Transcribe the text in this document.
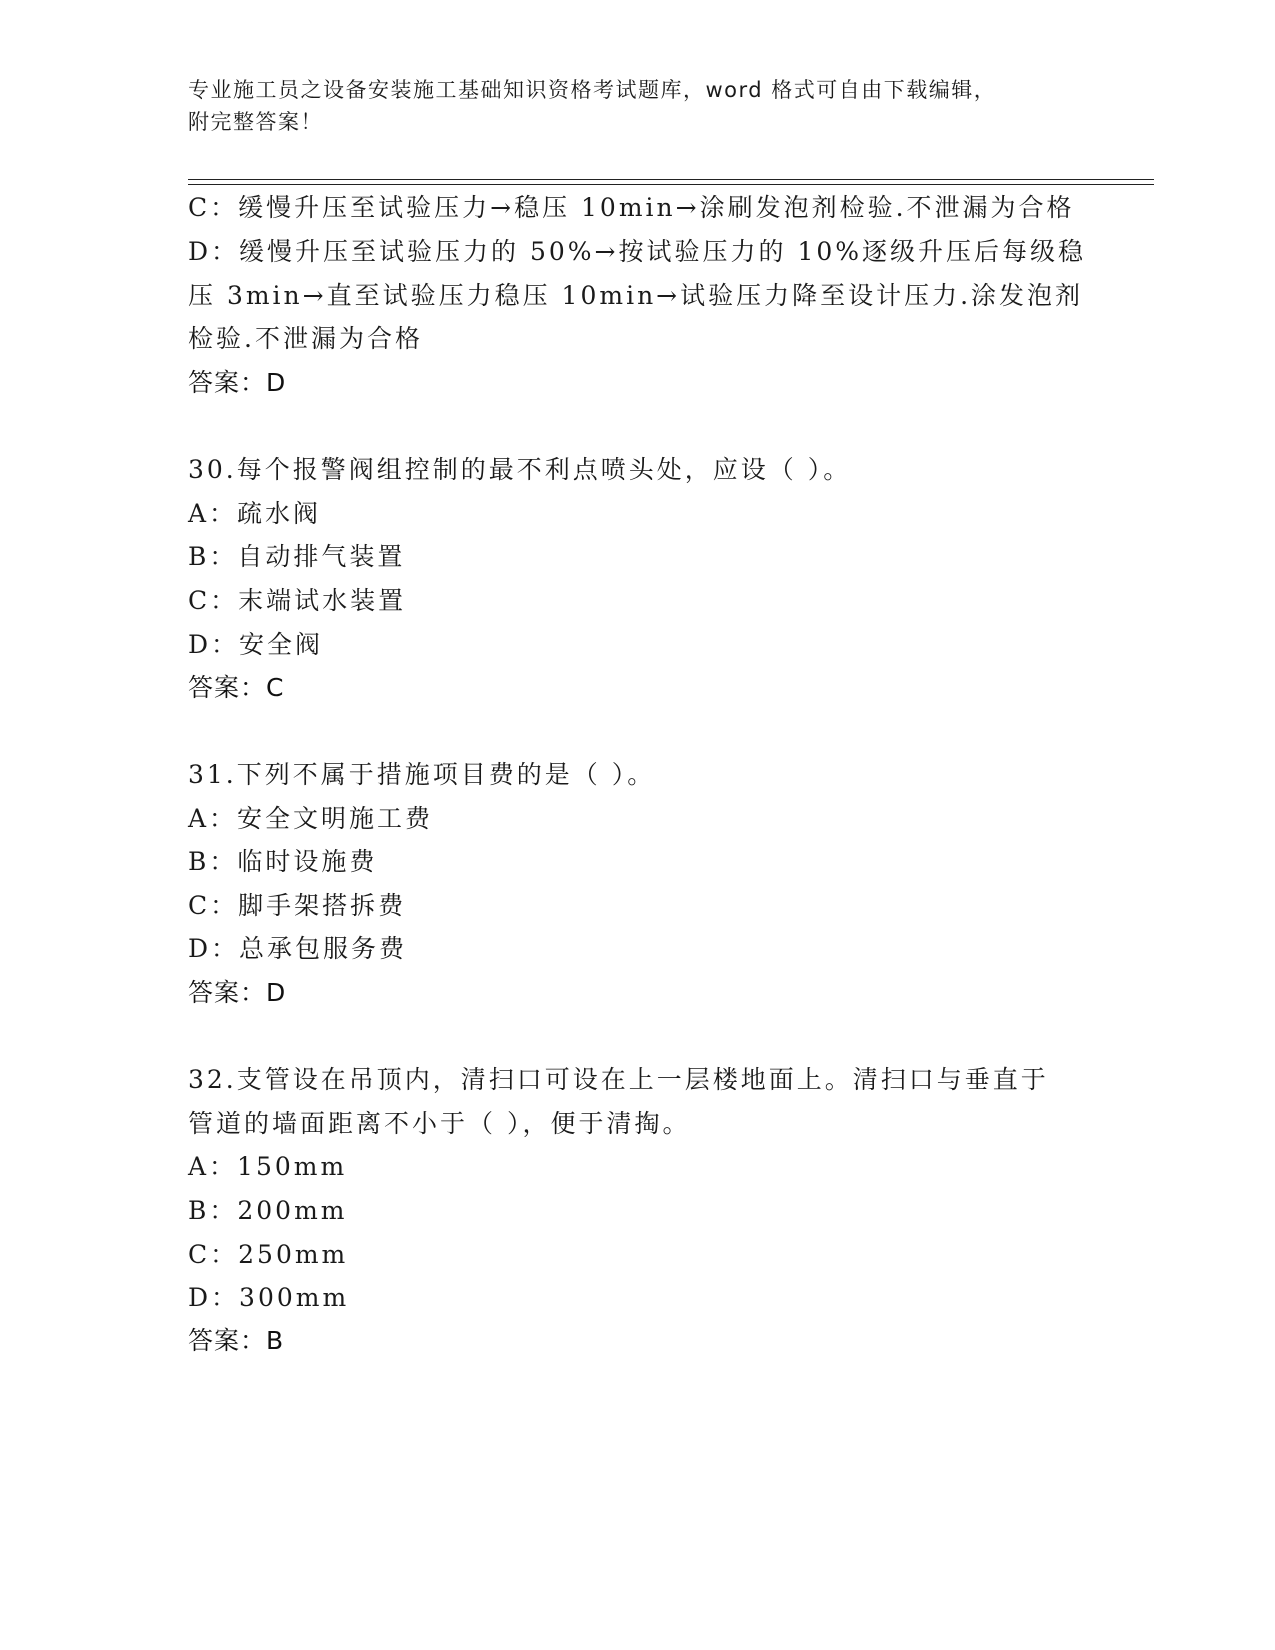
专业施工员之设备安装施工基础知识资格考试题库，word 格式可自由下载编辑，
附完整答案！
C：缓慢升压至试验压力→稳压 10min→涂刷发泡剂检验.不泄漏为合格
D：缓慢升压至试验压力的 50%→按试验压力的 10%逐级升压后每级稳
压 3min→直至试验压力稳压 10min→试验压力降至设计压力.涂发泡剂
检验.不泄漏为合格
答案：D
30.每个报警阀组控制的最不利点喷头处，应设（ ）。
A：疏水阀
B：自动排气装置
C：末端试水装置
D：安全阀
答案：C
31.下列不属于措施项目费的是（ ）。
A：安全文明施工费
B：临时设施费
C：脚手架搭拆费
D：总承包服务费
答案：D
32.支管设在吊顶内，清扫口可设在上一层楼地面上。清扫口与垂直于
管道的墙面距离不小于（ ），便于清掏。
A：150mm
B：200mm
C：250mm
D：300mm
答案：B
